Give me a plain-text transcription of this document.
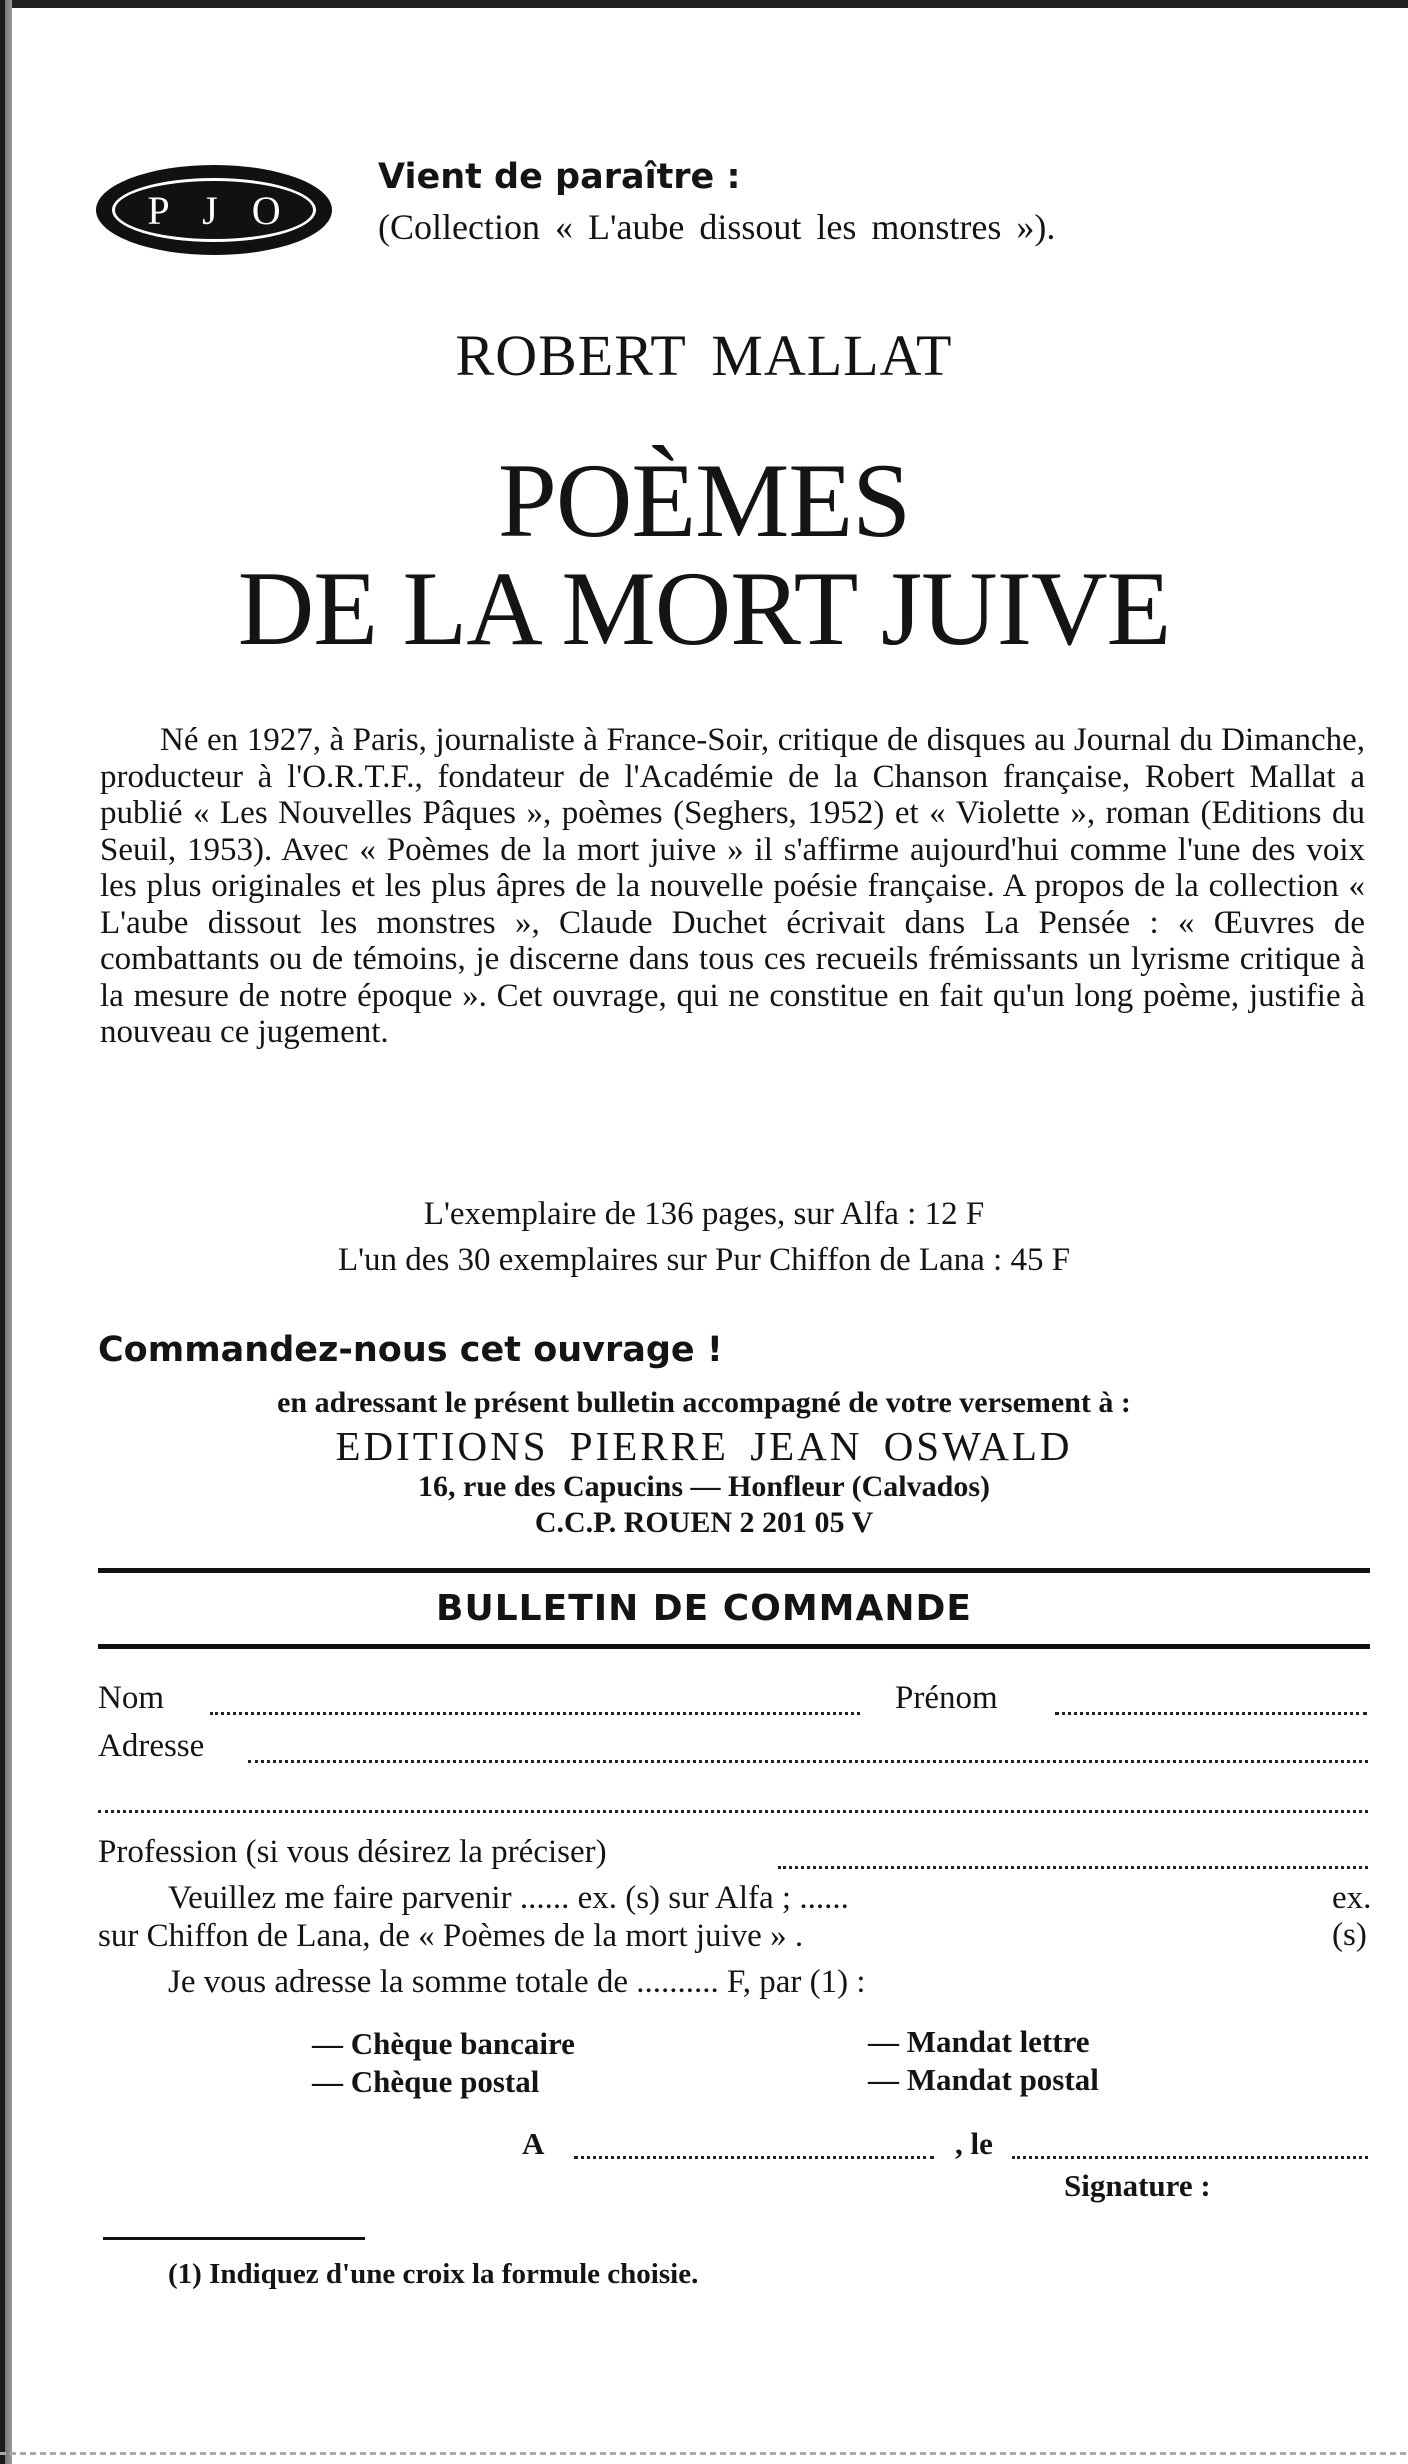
P J O
Vient de paraître :
(Collection « L'aube dissout les monstres »).
ROBERT MALLAT
POÈMES
DE LA MORT JUIVE

Né en 1927, à Paris, journaliste à France-Soir, critique de disques au Journal du Dimanche, producteur à l'O.R.T.F., fondateur de l'Académie de la Chanson française, Robert Mallat a publié « Les Nouvelles Pâques », poèmes (Seghers, 1952) et « Violette », roman (Editions du Seuil, 1953). Avec « Poèmes de la mort juive » il s'affirme aujourd'hui comme l'une des voix les plus originales et les plus âpres de la nouvelle poésie française. A propos de la collection « L'aube dissout les monstres », Claude Duchet écrivait dans La Pensée : « Œuvres de combattants ou de témoins, je discerne dans tous ces recueils frémissants un lyrisme critique à la mesure de notre époque ». Cet ouvrage, qui ne constitue en fait qu'un long poème, justifie à nouveau ce jugement.

L'exemplaire de 136 pages, sur Alfa : 12 F
L'un des 30 exemplaires sur Pur Chiffon de Lana : 45 F
Commandez-nous cet ouvrage !
en adressant le présent bulletin accompagné de votre versement à :
EDITIONS PIERRE JEAN OSWALD
16, rue des Capucins — Honfleur (Calvados)
C.C.P. ROUEN 2 201 05 V
BULLETIN DE COMMANDE
Nom	Prénom
Adresse
Profession (si vous désirez la préciser)
Veuillez me faire parvenir ...... ex. (s) sur Alfa ; ......	ex. (s)
sur Chiffon de Lana, de « Poèmes de la mort juive » .
Je vous adresse la somme totale de .......... F, par (1) :
— Chèque bancaire
— Chèque postal
— Mandat lettre
— Mandat postal
A	, le
Signature :
(1) Indiquez d'une croix la formule choisie.
